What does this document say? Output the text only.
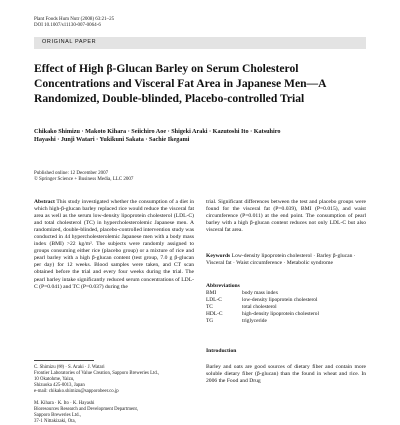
Plant Foods Hum Nutr (2008) 63:21–25
DOI 10.1007/s11130-007-0064-6
ORIGINAL PAPER
Effect of High β-Glucan Barley on Serum Cholesterol Concentrations and Visceral Fat Area in Japanese Men—A Randomized, Double-blinded, Placebo-controlled Trial
Chikako Shimizu · Makoto Kihara · Seiichiro Aoe · Shigeki Araki · Kazutoshi Ito · Katsuhiro Hayashi · Junji Watari · Yukikuni Sakata · Sachie Ikegami
Published online: 12 December 2007
© Springer Science + Business Media, LLC 2007
Abstract This study investigated whether the consumption of a diet in which high-β-glucan barley replaced rice would reduce the visceral fat area as well as the serum low-density lipoprotein cholesterol (LDL-C) and total cholesterol (TC) in hypercholesterolemic Japanese men. A randomized, double-blinded, placebo-controlled intervention study was conducted in 44 hypercholesterolemic Japanese men with a body mass index (BMI) >22 kg/m². The subjects were randomly assigned to groups consuming either rice (placebo group) or a mixture of rice and pearl barley with a high β-glucan content (test group, 7.0 g β-glucan per day) for 12 weeks. Blood samples were taken, and CT scan obtained before the trial and every four weeks during the trial. The pearl barley intake significantly reduced serum concentrations of LDL-C (P=0.041) and TC (P=0.037) during the
C. Shimizu (✉) · S. Araki · J. Watari
Frontier Laboratories of Value Creation, Sapporo Breweries Ltd.,
10 Okatohme, Yaizu,
Shizuoka 425-0013, Japan
e-mail: chikako.shimizu@sapporobeer.co.jp
M. Kihara · K. Ito · K. Hayashi
Bioresources Research and Development Department,
Sapporo Breweries Ltd.,
37-1 Nittakizaki, Ota,
trial. Significant differences between the test and placebo groups were found for the visceral fat (P=0.039), BMI (P=0.015), and waist circumference (P=0.011) at the end point. The consumption of pearl barley with a high β-glucan content reduces not only LDL-C but also visceral fat area.
Keywords Low-density lipoprotein cholesterol · Barley β-glucan · Visceral fat · Waist circumference · Metabolic syndrome
Abbreviations
BMI	body mass index
LDL-C	low-density lipoprotein cholesterol
TC	total cholesterol
HDL-C	high-density lipoprotein cholesterol
TG	triglyceride
Introduction
Barley and oats are good sources of dietary fiber and contain more soluble dietary fiber (β-glucan) than the found in wheat and rice. In 2006 the Food and Drug
